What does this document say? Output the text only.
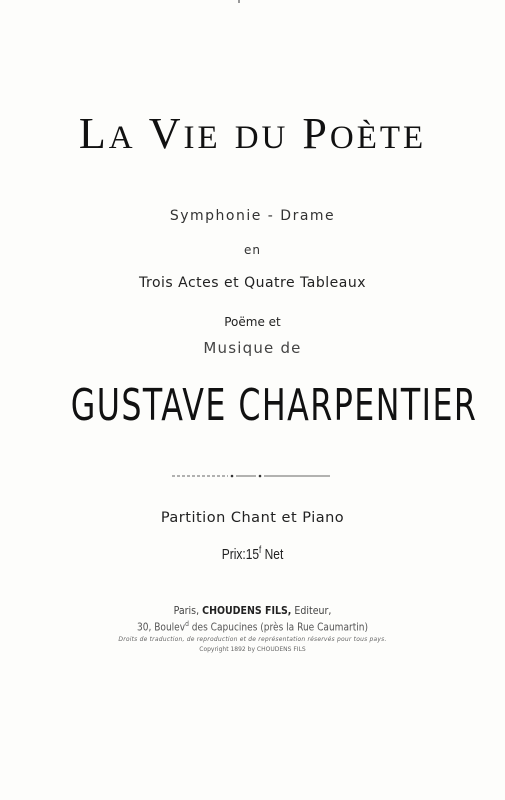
LA VIE DU POÈTE
Symphonie - Drame
en
Trois Actes et Quatre Tableaux
Poëme et
Musique de
GUSTAVE CHARPENTIER
Partition Chant et Piano
Prix:15$^f$ Net
Paris, CHOUDENS FILS, Editeur,
30, Boulev$^d$ des Capucines (près la Rue Caumartin)
Droits de traduction, de reproduction et de représentation réservés pour tous pays.
Copyright 1892 by CHOUDENS FILS
